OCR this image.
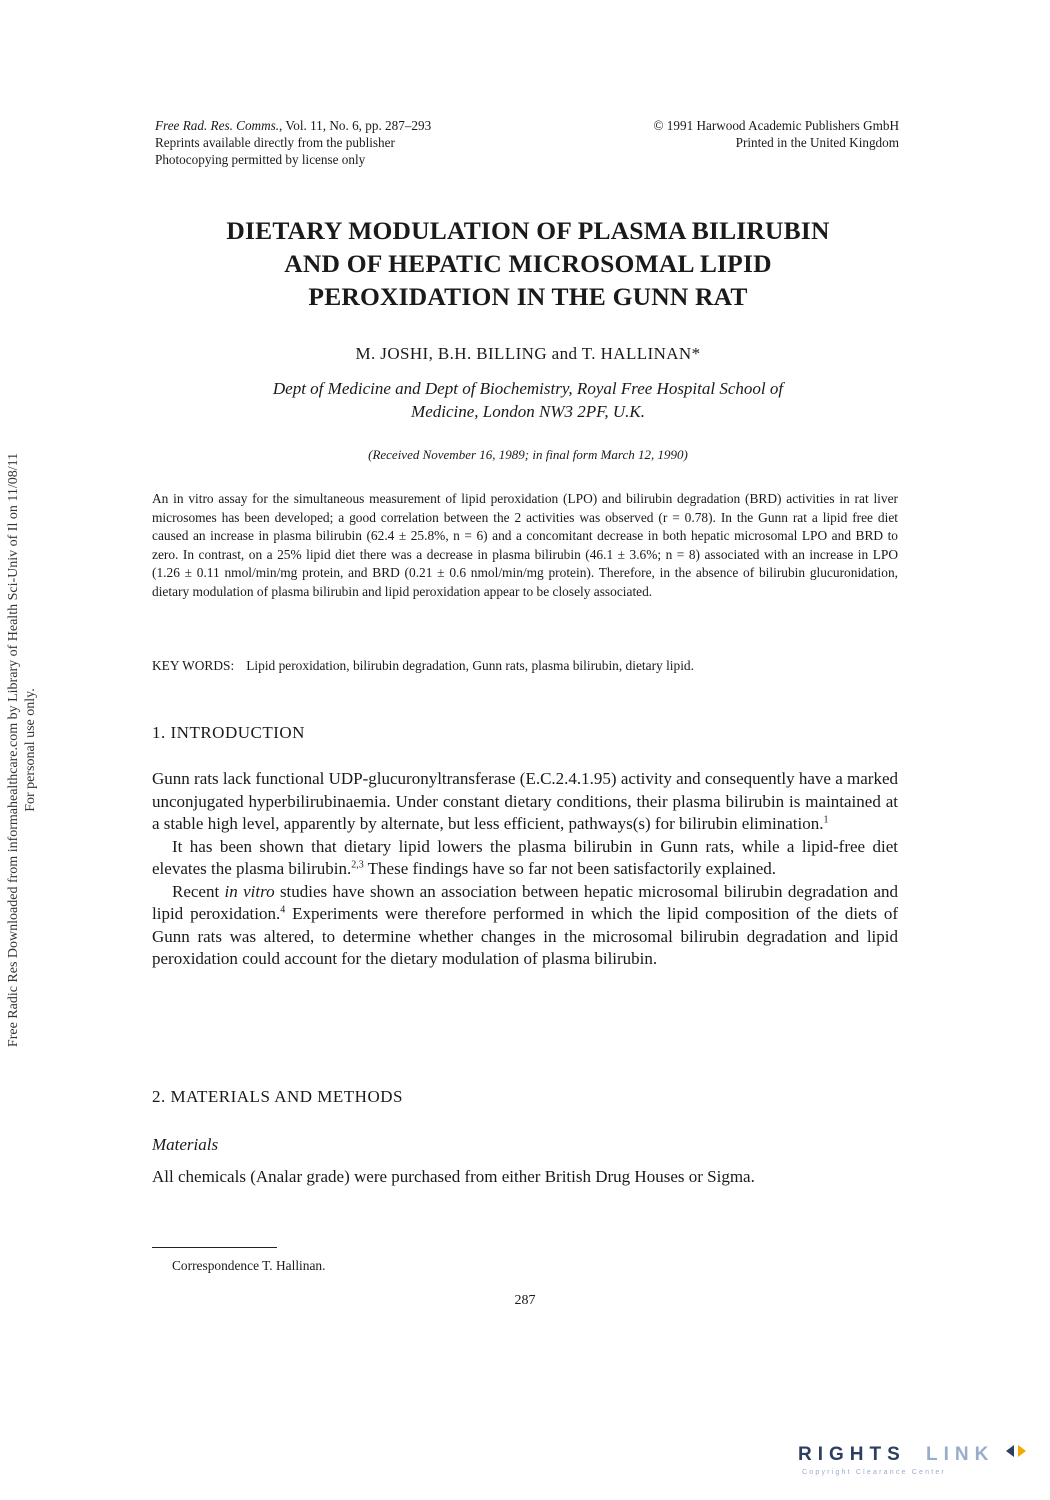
Free Rad. Res. Comms., Vol. 11, No. 6, pp. 287–293
Reprints available directly from the publisher
Photocopying permitted by license only
© 1991 Harwood Academic Publishers GmbH
Printed in the United Kingdom
DIETARY MODULATION OF PLASMA BILIRUBIN
AND OF HEPATIC MICROSOMAL LIPID
PEROXIDATION IN THE GUNN RAT
M. JOSHI, B.H. BILLING and T. HALLINAN*
Dept of Medicine and Dept of Biochemistry, Royal Free Hospital School of
Medicine, London NW3 2PF, U.K.
(Received November 16, 1989; in final form March 12, 1990)
An in vitro assay for the simultaneous measurement of lipid peroxidation (LPO) and bilirubin degradation (BRD) activities in rat liver microsomes has been developed; a good correlation between the 2 activities was observed (r = 0.78). In the Gunn rat a lipid free diet caused an increase in plasma bilirubin (62.4 ± 25.8%, n = 6) and a concomitant decrease in both hepatic microsomal LPO and BRD to zero. In contrast, on a 25% lipid diet there was a decrease in plasma bilirubin (46.1 ± 3.6%; n = 8) associated with an increase in LPO (1.26 ± 0.11 nmol/min/mg protein, and BRD (0.21 ± 0.6 nmol/min/mg protein). Therefore, in the absence of bilirubin glucuronidation, dietary modulation of plasma bilirubin and lipid peroxidation appear to be closely associated.
KEY WORDS: Lipid peroxidation, bilirubin degradation, Gunn rats, plasma bilirubin, dietary lipid.
1. INTRODUCTION

Gunn rats lack functional UDP-glucuronyltransferase (E.C.2.4.1.95) activity and consequently have a marked unconjugated hyperbilirubinaemia. Under constant dietary conditions, their plasma bilirubin is maintained at a stable high level, apparently by alternate, but less efficient, pathways(s) for bilirubin elimination.$^1$

It has been shown that dietary lipid lowers the plasma bilirubin in Gunn rats, while a lipid-free diet elevates the plasma bilirubin.$^{2,3}$ These findings have so far not been satisfactorily explained.

Recent in vitro studies have shown an association between hepatic microsomal bilirubin degradation and lipid peroxidation.$^4$ Experiments were therefore performed in which the lipid composition of the diets of Gunn rats was altered, to determine whether changes in the microsomal bilirubin degradation and lipid peroxidation could account for the dietary modulation of plasma bilirubin.

2. MATERIALS AND METHODS
Materials
All chemicals (Analar grade) were purchased from either British Drug Houses or Sigma.
Correspondence T. Hallinan.
287
Free Radic Res Downloaded from informahealthcare.com by Library of Health Sci-Univ of Il on 11/08/11 For personal use only.
RIGHTS LINK
Copyright Clearance Center
